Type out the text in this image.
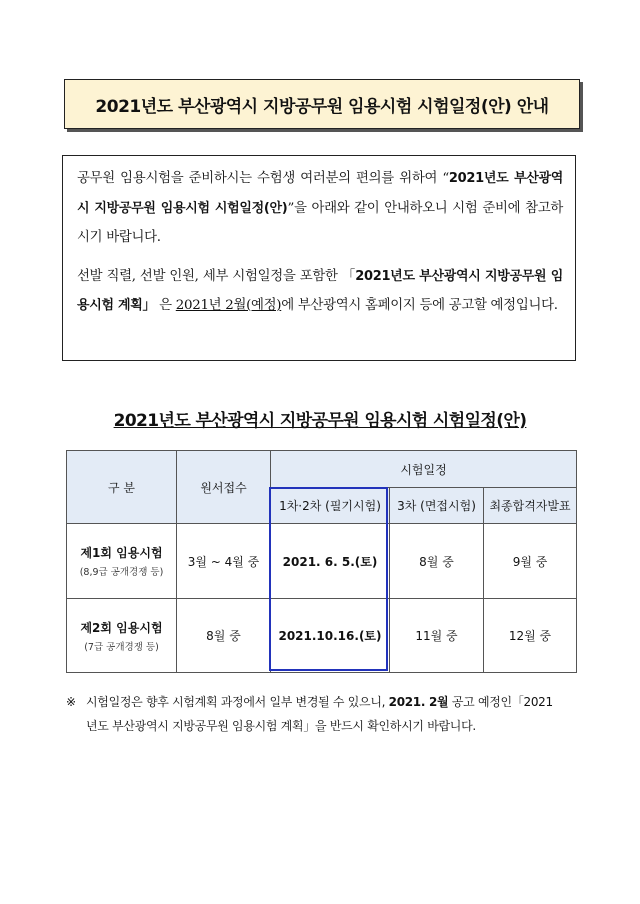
2021년도 부산광역시 지방공무원 임용시험 시험일정(안) 안내

공무원 임용시험을 준비하시는 수험생 여러분의 편의를 위하여 “2021년도 부산광역시 지방공무원 임용시험 시험일정(안)”을 아래와 같이 안내하오니 시험 준비에 참고하시기 바랍니다.

선발 직렬, 선발 인원, 세부 시험일정을 포함한 「2021년도 부산광역시 지방공무원 임용시험 계획」 은 2021년 2월(예정)에 부산광역시 홈페이지 등에 공고할 예정입니다.

2021년도 부산광역시 지방공무원 임용시험 시험일정(안)
구 분	원서접수	시험일정		
		1차·2차 (필기시험)	3차 (면접시험)	최종합격자발표
제1회 임용시험
(8,9급 공개경쟁 등)	3월 ~ 4월 중	2021. 6. 5.(토)	8월 중	9월 중
제2회 임용시험
(7급 공개경쟁 등)	8월 중	2021.10.16.(토)	11월 중	12월 중
※ 시험일정은 향후 시험계획 과정에서 일부 변경될 수 있으니, 2021. 2월 공고 예정인「2021
년도 부산광역시 지방공무원 임용시험 계획」을 반드시 확인하시기 바랍니다.
